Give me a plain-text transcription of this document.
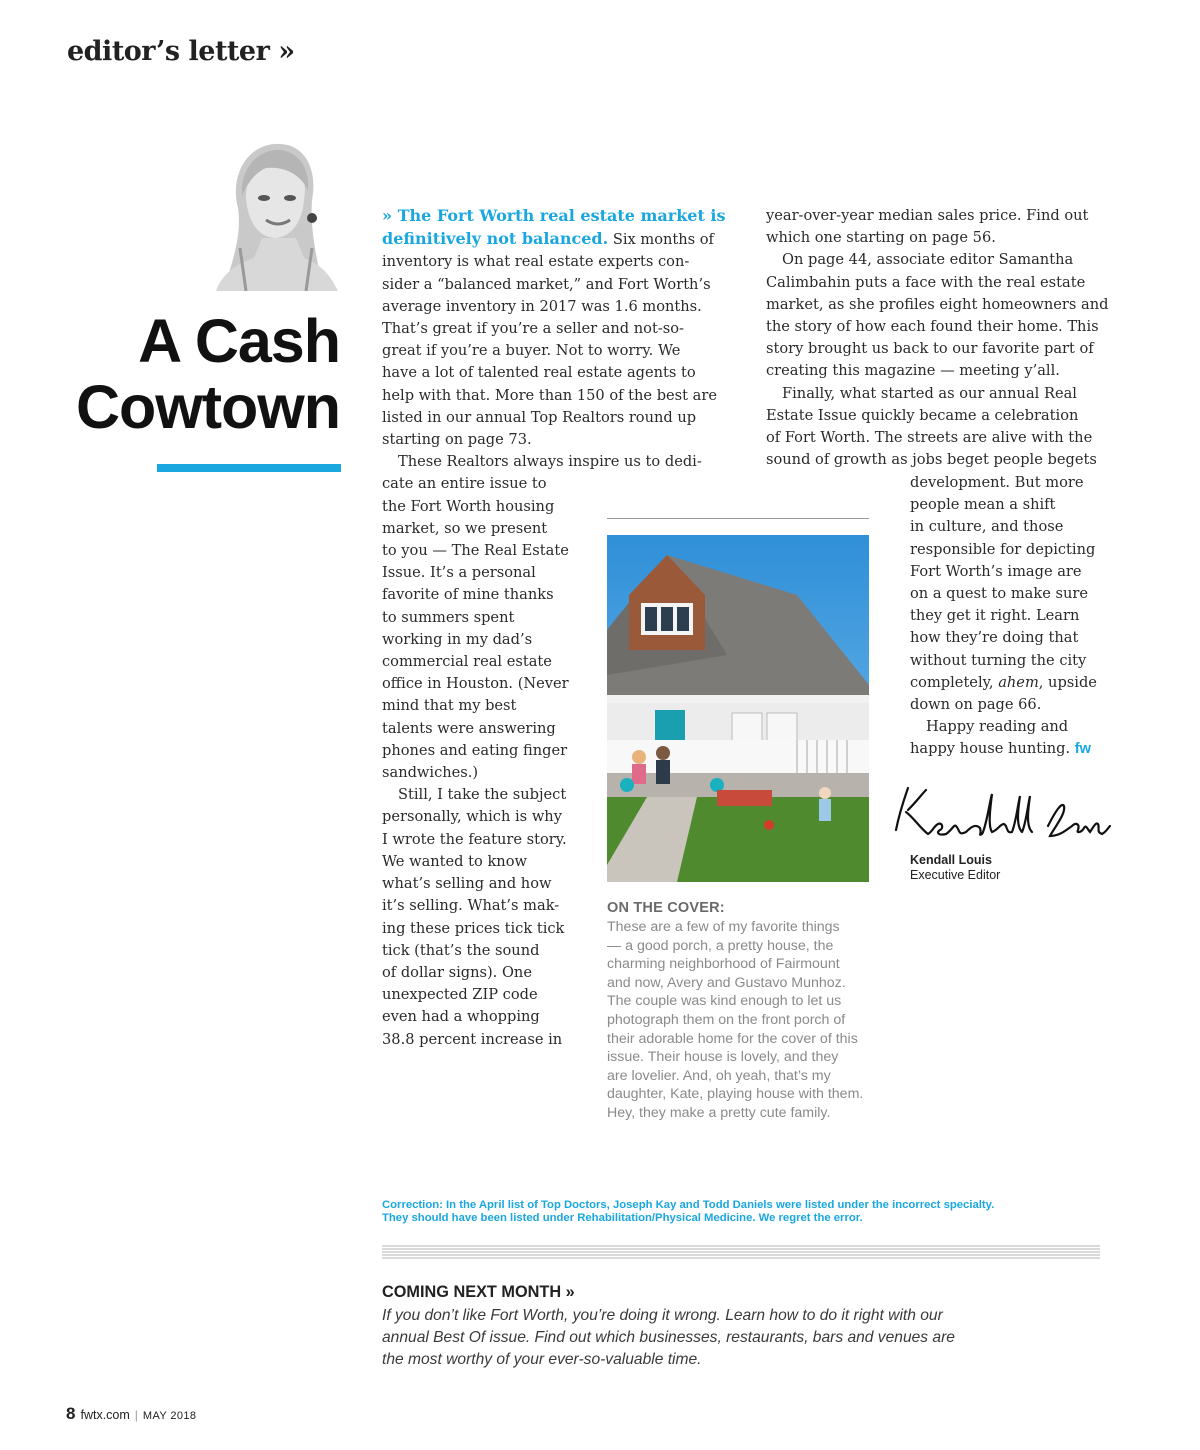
editor’s letter »
A Cash
Cowtown
» The Fort Worth real estate market is
definitively not balanced. Six months of
inventory is what real estate experts con-
sider a “balanced market,” and Fort Worth’s
average inventory in 2017 was 1.6 months.
That’s great if you’re a seller and not-so-
great if you’re a buyer. Not to worry. We
have a lot of talented real estate agents to
help with that. More than 150 of the best are
listed in our annual Top Realtors round up
starting on page 73.
These Realtors always inspire us to dedi-
cate an entire issue to
the Fort Worth housing
market, so we present
to you — The Real Estate
Issue. It’s a personal
favorite of mine thanks
to summers spent
working in my dad’s
commercial real estate
office in Houston. (Never
mind that my best
talents were answering
phones and eating finger
sandwiches.)
Still, I take the subject
personally, which is why
I wrote the feature story.
We wanted to know
what’s selling and how
it’s selling. What’s mak-
ing these prices tick tick
tick (that’s the sound
of dollar signs). One
unexpected ZIP code
even had a whopping
38.8 percent increase in
year-over-year median sales price. Find out
which one starting on page 56.
On page 44, associate editor Samantha
Calimbahin puts a face with the real estate
market, as she profiles eight homeowners and
the story of how each found their home. This
story brought us back to our favorite part of
creating this magazine — meeting y’all.
Finally, what started as our annual Real
Estate Issue quickly became a celebration
of Fort Worth. The streets are alive with the
sound of growth as jobs beget people begets
development. But more
people mean a shift
in culture, and those
responsible for depicting
Fort Worth’s image are
on a quest to make sure
they get it right. Learn
how they’re doing that
without turning the city
completely, ahem, upside
down on page 66.
Happy reading and
happy house hunting. fw
ON THE COVER:
These are a few of my favorite things
— a good porch, a pretty house, the
charming neighborhood of Fairmount
and now, Avery and Gustavo Munhoz.
The couple was kind enough to let us
photograph them on the front porch of
their adorable home for the cover of this
issue. Their house is lovely, and they
are lovelier. And, oh yeah, that’s my
daughter, Kate, playing house with them.
Hey, they make a pretty cute family.
Kendall Louis
Executive Editor
Correction: In the April list of Top Doctors, Joseph Kay and Todd Daniels were listed under the incorrect specialty.
They should have been listed under Rehabilitation/Physical Medicine. We regret the error.
COMING NEXT MONTH »
If you don’t like Fort Worth, you’re doing it wrong. Learn how to do it right with our
annual Best Of issue. Find out which businesses, restaurants, bars and venues are
the most worthy of your ever-so-valuable time.
8 fwtx.com | MAY 2018
